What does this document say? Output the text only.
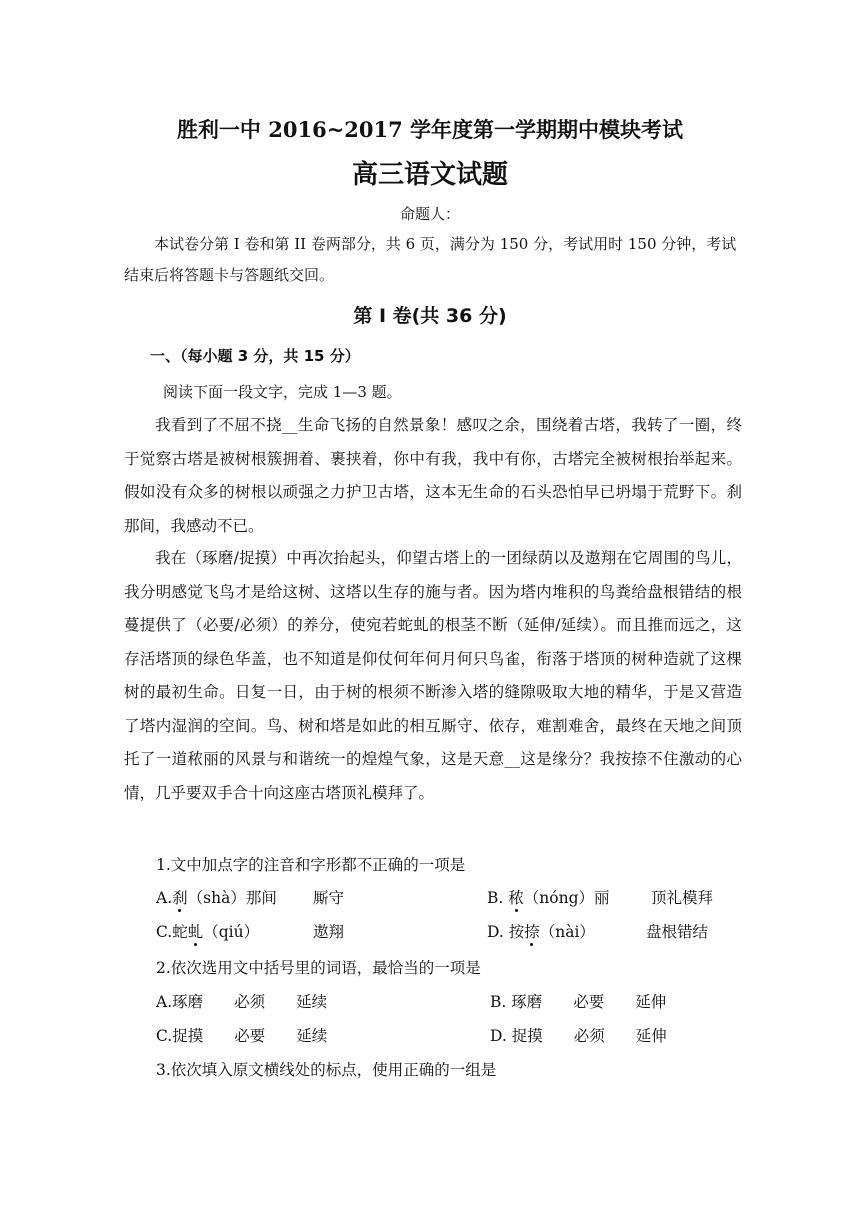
胜利一中 2016~2017 学年度第一学期期中模块考试
高三语文试题
命题人：
本试卷分第 I 卷和第 II 卷两部分，共 6 页，满分为 150 分，考试用时 150 分钟，考试结束后将答题卡与答题纸交回。
第 I 卷(共 36 分)
一、（每小题 3 分，共 15 分）
阅读下面一段文字，完成 1—3 题。

我看到了不屈不挠__生命飞扬的自然景象！感叹之余，围绕着古塔，我转了一圈，终于觉察古塔是被树根簇拥着、裹挟着，你中有我，我中有你，古塔完全被树根抬举起来。假如没有众多的树根以顽强之力护卫古塔，这本无生命的石头恐怕早已坍塌于荒野下。刹那间，我感动不已。

我在（琢磨/捉摸）中再次抬起头，仰望古塔上的一团绿荫以及遨翔在它周围的鸟儿，我分明感觉飞鸟才是给这树、这塔以生存的施与者。因为塔内堆积的鸟粪给盘根错结的根蔓提供了（必要/必须）的养分，使宛若蛇虬的根茎不断（延伸/延续）。而且推而远之，这存活塔顶的绿色华盖，也不知道是仰仗何年何月何只鸟雀，衔落于塔顶的树种造就了这棵树的最初生命。日复一日，由于树的根须不断渗入塔的缝隙吸取大地的精华，于是又营造了塔内湿润的空间。鸟、树和塔是如此的相互厮守、依存，难割难舍，最终在天地之间顶托了一道秾丽的风景与和谐统一的煌煌气象，这是天意__这是缘分？我按捺不住激动的心情，几乎要双手合十向这座古塔顶礼模拜了。

1.文中加点字的注音和字形都不正确的一项是
A.刹（shà）那间 厮守	B. 秾（nóng）丽	顶礼模拜
C.蛇虬（qiú）	遨翔	D. 按捺（nài）	盘根错结
2.依次选用文中括号里的词语，最恰当的一项是
A.琢磨　　必须　　延续	B. 琢磨　　必要　　延伸
C.捉摸　　必要　　延续	D. 捉摸　　必须　　延伸
3.依次填入原文横线处的标点，使用正确的一组是
